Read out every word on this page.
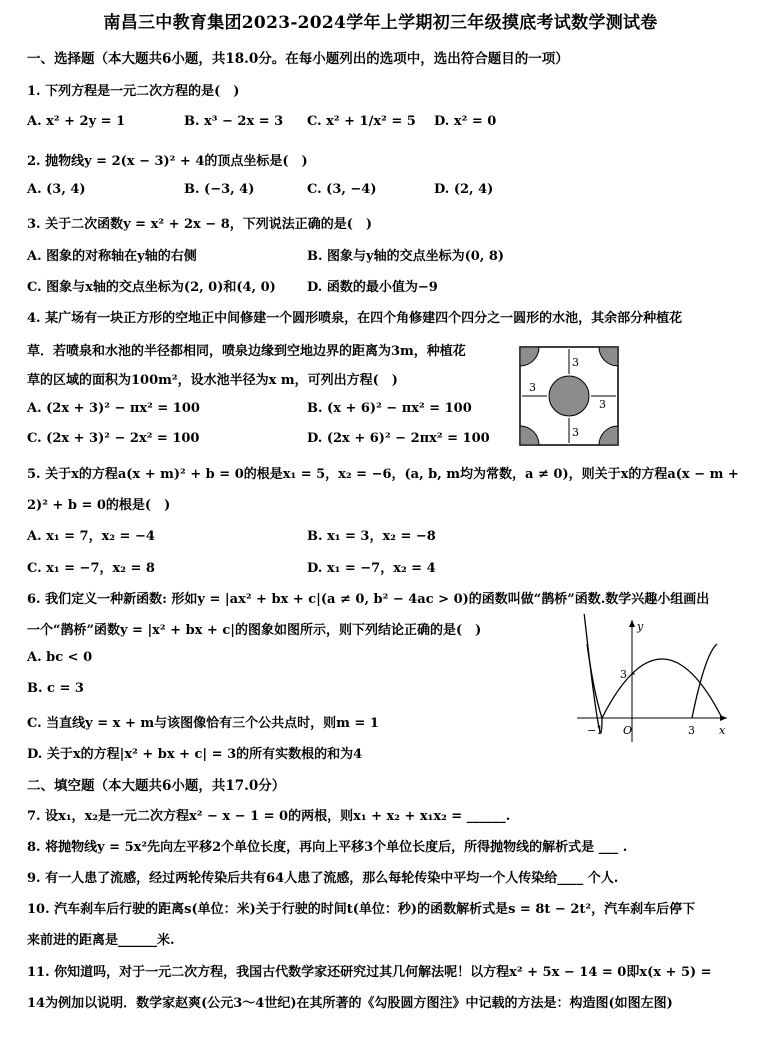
南昌三中教育集团2023-2024学年上学期初三年级摸底考试数学测试卷
一、选择题（本大题共6小题，共18.0分。在每小题列出的选项中，选出符合题目的一项）
1. 下列方程是一元二次方程的是(　)
A. x² + 2y = 1	B. x³ − 2x = 3 C. x² + 1/x² = 5 D. x² = 0
2. 抛物线y = 2(x − 3)² + 4的顶点坐标是(　)
A. (3, 4)	B. (−3, 4)	C. (3, −4)	D. (2, 4)
3. 关于二次函数y = x² + 2x − 8，下列说法正确的是(　)
A. 图象的对称轴在y轴的右侧	B. 图象与y轴的交点坐标为(0, 8)
C. 图象与x轴的交点坐标为(2, 0)和(4, 0) D. 函数的最小值为−9
4. 某广场有一块正方形的空地正中间修建一个圆形喷泉，在四个角修建四个四分之一圆形的水池，其余部分种植花
草．若喷泉和水池的半径都相同，喷泉边缘到空地边界的距离为3m，种植花
草的区域的面积为100m²，设水池半径为x m，可列出方程(　)
A. (2x + 3)² − πx² = 100	B. (x + 6)² − πx² = 100
C. (2x + 3)² − 2x² = 100	D. (2x + 6)² − 2πx² = 100
3
3
3
3
5. 关于x的方程a(x + m)² + b = 0的根是x₁ = 5，x₂ = −6，(a, b, m均为常数，a ≠ 0)，则关于x的方程a(x − m +
2)² + b = 0的根是(　)
A. x₁ = 7，x₂ = −4	B. x₁ = 3，x₂ = −8
C. x₁ = −7，x₂ = 8	D. x₁ = −7，x₂ = 4
6. 我们定义一种新函数: 形如y = |ax² + bx + c|(a ≠ 0, b² − 4ac > 0)的函数叫做“鹊桥”函数.数学兴趣小组画出
一个“鹊桥”函数y = |x² + bx + c|的图象如图所示，则下列结论正确的是(　)
A. bc < 0
B. c = 3
C. 当直线y = x + m与该图像恰有三个公共点时，则m = 1
D. 关于x的方程|x² + bx + c| = 3的所有实数根的和为4
y
x
3
−1 O	3
二、填空题（本大题共6小题，共17.0分）
7. 设x₁，x₂是一元二次方程x² − x − 1 = 0的两根，则x₁ + x₂ + x₁x₂ = ______.
8. 将抛物线y = 5x²先向左平移2个单位长度，再向上平移3个单位长度后，所得抛物线的解析式是 ___ .
9. 有一人患了流感，经过两轮传染后共有64人患了流感，那么每轮传染中平均一个人传染给____ 个人.
10. 汽车刹车后行驶的距离s(单位：米)关于行驶的时间t(单位：秒)的函数解析式是s = 8t − 2t²，汽车刹车后停下
来前进的距离是______米.
11. 你知道吗，对于一元二次方程，我国古代数学家还研究过其几何解法呢！以方程x² + 5x − 14 = 0即x(x + 5) =
14为例加以说明．数学家赵爽(公元3～4世纪)在其所著的《勾股圆方图注》中记载的方法是：构造图(如图左图)
